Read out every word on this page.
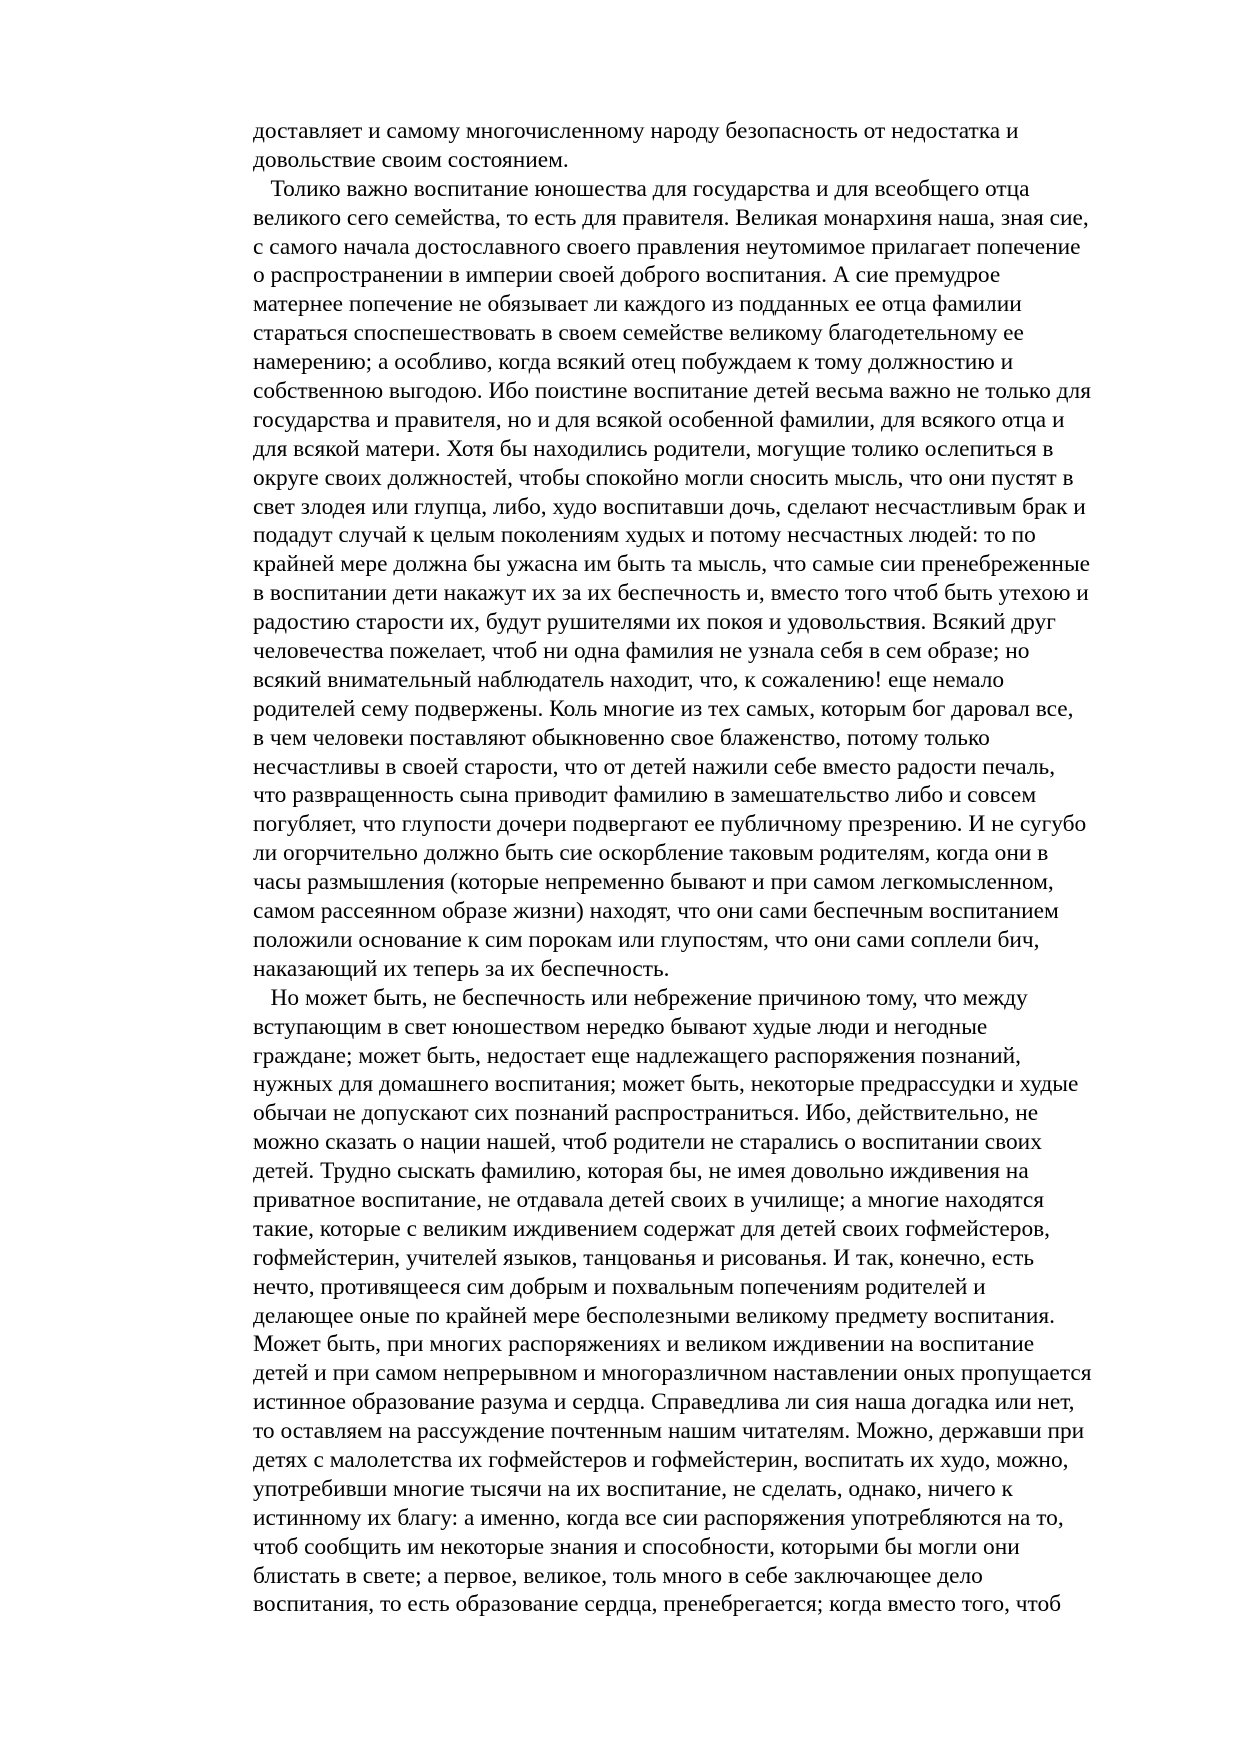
доставляет и самому многочисленному народу безопасность от недостатка и
довольствие своим состоянием.
Толико важно воспитание юношества для государства и для всеобщего отца
великого сего семейства, то есть для правителя. Великая монархиня наша, зная сие,
с самого начала достославного своего правления неутомимое прилагает попечение
о распространении в империи своей доброго воспитания. А сие премудрое
матернее попечение не обязывает ли каждого из подданных ее отца фамилии
стараться споспешествовать в своем семействе великому благодетельному ее
намерению; а особливо, когда всякий отец побуждаем к тому должностию и
собственною выгодою. Ибо поистине воспитание детей весьма важно не только для
государства и правителя, но и для всякой особенной фамилии, для всякого отца и
для всякой матери. Хотя бы находились родители, могущие толико ослепиться в
округе своих должностей, чтобы спокойно могли сносить мысль, что они пустят в
свет злодея или глупца, либо, худо воспитавши дочь, сделают несчастливым брак и
подадут случай к целым поколениям худых и потому несчастных людей: то по
крайней мере должна бы ужасна им быть та мысль, что самые сии пренебреженные
в воспитании дети накажут их за их беспечность и, вместо того чтоб быть утехою и
радостию старости их, будут рушителями их покоя и удовольствия. Всякий друг
человечества пожелает, чтоб ни одна фамилия не узнала себя в сем образе; но
всякий внимательный наблюдатель находит, что, к сожалению! еще немало
родителей сему подвержены. Коль многие из тех самых, которым бог даровал все,
в чем человеки поставляют обыкновенно свое блаженство, потому только
несчастливы в своей старости, что от детей нажили себе вместо радости печаль,
что развращенность сына приводит фамилию в замешательство либо и совсем
погубляет, что глупости дочери подвергают ее публичному презрению. И не сугубо
ли огорчительно должно быть сие оскорбление таковым родителям, когда они в
часы размышления (которые непременно бывают и при самом легкомысленном,
самом рассеянном образе жизни) находят, что они сами беспечным воспитанием
положили основание к сим порокам или глупостям, что они сами соплели бич,
наказающий их теперь за их беспечность.
Но может быть, не беспечность или небрежение причиною тому, что между
вступающим в свет юношеством нередко бывают худые люди и негодные
граждане; может быть, недостает еще надлежащего распоряжения познаний,
нужных для домашнего воспитания; может быть, некоторые предрассудки и худые
обычаи не допускают сих познаний распространиться. Ибо, действительно, не
можно сказать о нации нашей, чтоб родители не старались о воспитании своих
детей. Трудно сыскать фамилию, которая бы, не имея довольно иждивения на
приватное воспитание, не отдавала детей своих в училище; а многие находятся
такие, которые с великим иждивением содержат для детей своих гофмейстеров,
гофмейстерин, учителей языков, танцованья и рисованья. И так, конечно, есть
нечто, противящееся сим добрым и похвальным попечениям родителей и
делающее оные по крайней мере бесполезными великому предмету воспитания.
Может быть, при многих распоряжениях и великом иждивении на воспитание
детей и при самом непрерывном и многоразличном наставлении оных пропущается
истинное образование разума и сердца. Справедлива ли сия наша догадка или нет,
то оставляем на рассуждение почтенным нашим читателям. Можно, державши при
детях с малолетства их гофмейстеров и гофмейстерин, воспитать их худо, можно,
употребивши многие тысячи на их воспитание, не сделать, однако, ничего к
истинному их благу: а именно, когда все сии распоряжения употребляются на то,
чтоб сообщить им некоторые знания и способности, которыми бы могли они
блистать в свете; а первое, великое, толь много в себе заключающее дело
воспитания, то есть образование сердца, пренебрегается; когда вместо того, чтоб
